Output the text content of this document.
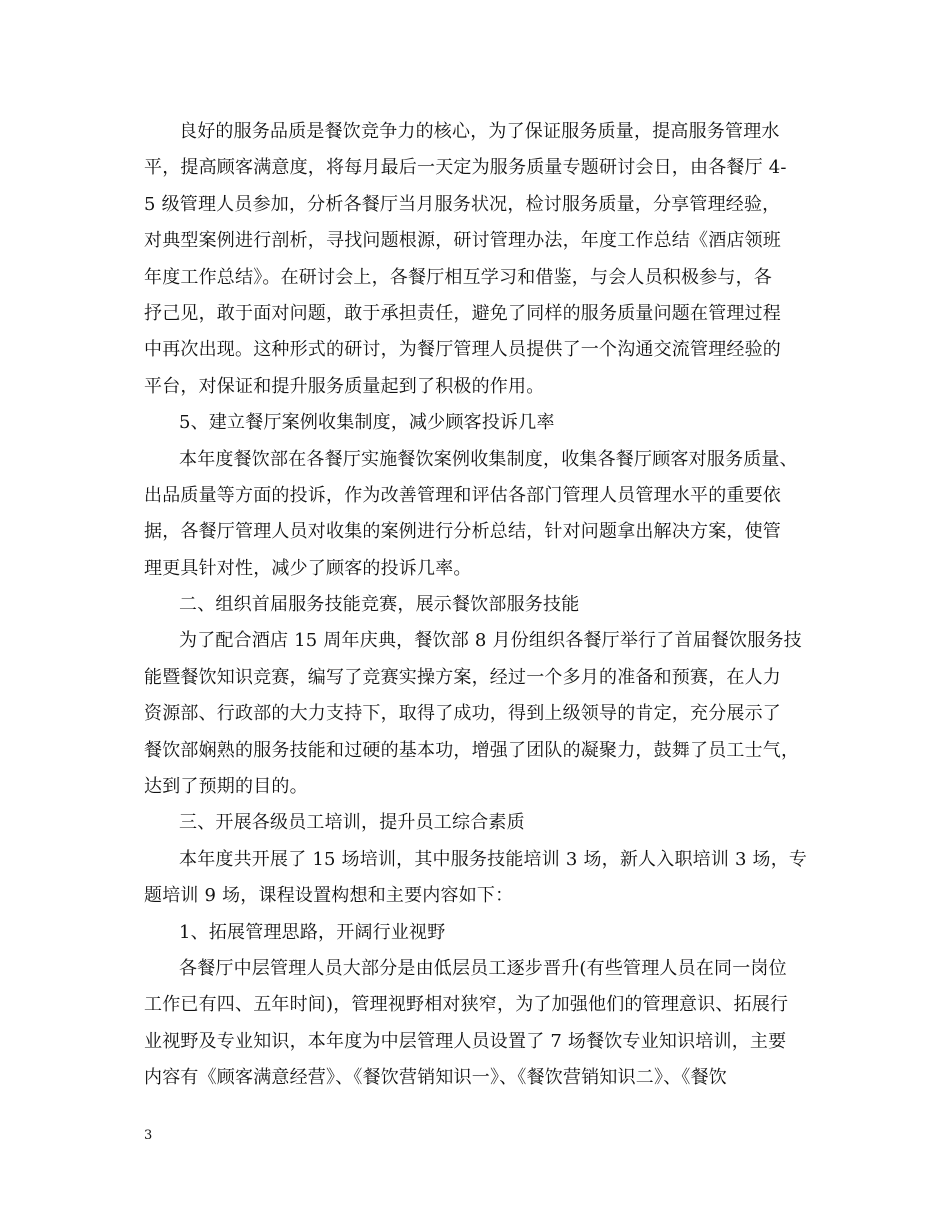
良好的服务品质是餐饮竞争力的核心，为了保证服务质量，提高服务管理水
平，提高顾客满意度，将每月最后一天定为服务质量专题研讨会日，由各餐厅 4-
5 级管理人员参加，分析各餐厅当月服务状况，检讨服务质量，分享管理经验，
对典型案例进行剖析，寻找问题根源，研讨管理办法，年度工作总结《酒店领班
年度工作总结》。在研讨会上，各餐厅相互学习和借鉴，与会人员积极参与，各
抒己见，敢于面对问题，敢于承担责任，避免了同样的服务质量问题在管理过程
中再次出现。这种形式的研讨，为餐厅管理人员提供了一个沟通交流管理经验的
平台，对保证和提升服务质量起到了积极的作用。
5、建立餐厅案例收集制度，减少顾客投诉几率
本年度餐饮部在各餐厅实施餐饮案例收集制度，收集各餐厅顾客对服务质量、
出品质量等方面的投诉，作为改善管理和评估各部门管理人员管理水平的重要依
据，各餐厅管理人员对收集的案例进行分析总结，针对问题拿出解决方案，使管
理更具针对性，减少了顾客的投诉几率。
二、组织首届服务技能竞赛，展示餐饮部服务技能
为了配合酒店 15 周年庆典，餐饮部 8 月份组织各餐厅举行了首届餐饮服务技
能暨餐饮知识竞赛，编写了竞赛实操方案，经过一个多月的准备和预赛，在人力
资源部、行政部的大力支持下，取得了成功，得到上级领导的肯定，充分展示了
餐饮部娴熟的服务技能和过硬的基本功，增强了团队的凝聚力，鼓舞了员工士气，
达到了预期的目的。
三、开展各级员工培训，提升员工综合素质
本年度共开展了 15 场培训，其中服务技能培训 3 场，新人入职培训 3 场，专
题培训 9 场，课程设置构想和主要内容如下：
1、拓展管理思路，开阔行业视野
各餐厅中层管理人员大部分是由低层员工逐步晋升(有些管理人员在同一岗位
工作已有四、五年时间)，管理视野相对狭窄，为了加强他们的管理意识、拓展行
业视野及专业知识，本年度为中层管理人员设置了 7 场餐饮专业知识培训，主要
内容有《顾客满意经营》、《餐饮营销知识一》、《餐饮营销知识二》、《餐饮
3
